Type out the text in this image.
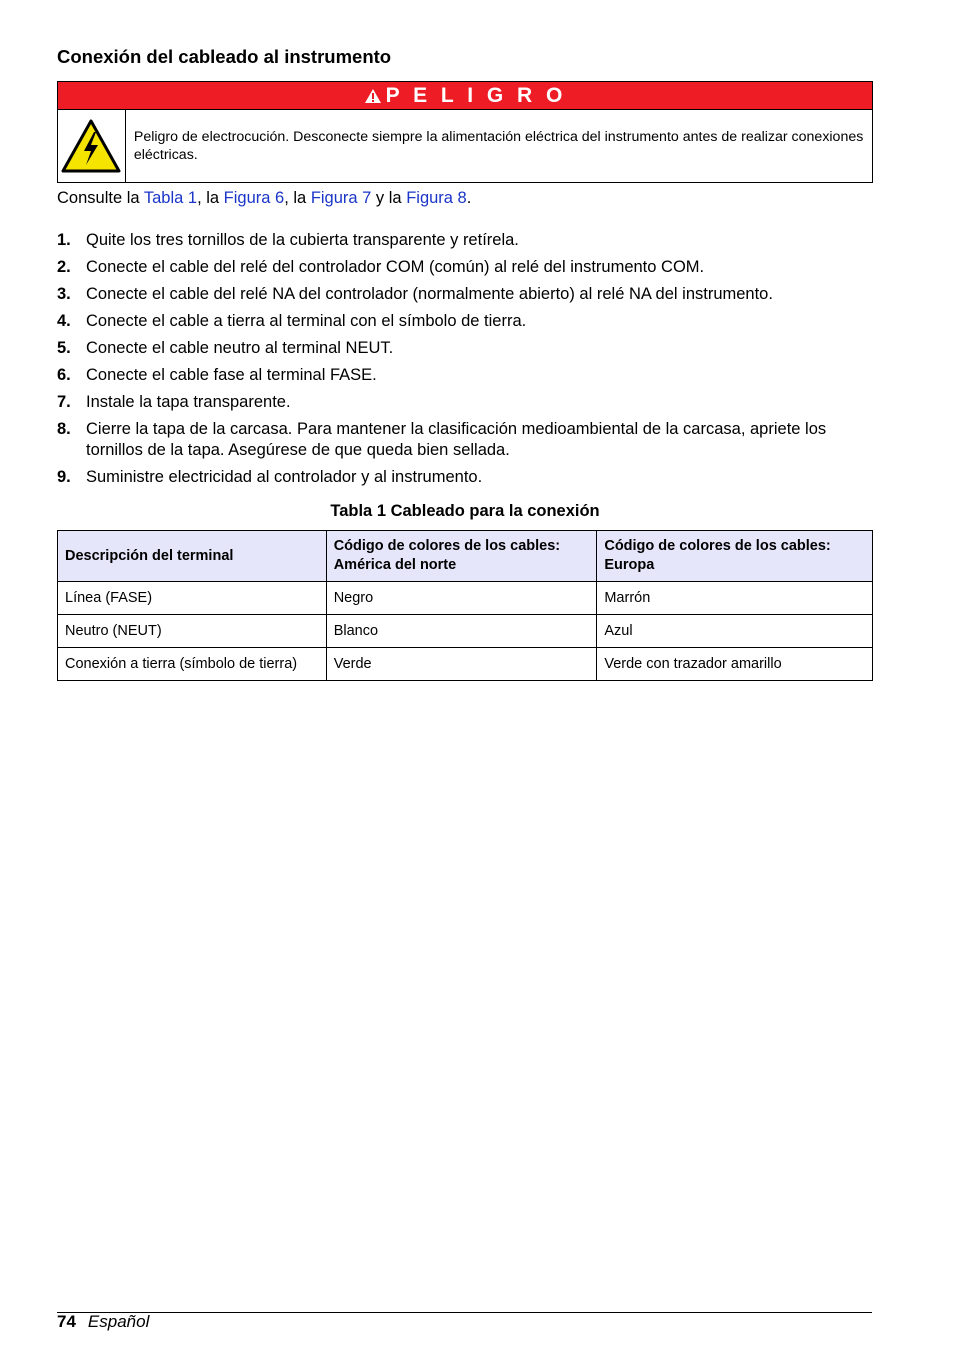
Conexión del cableado al instrumento
P E L I G R O
Peligro de electrocución. Desconecte siempre la alimentación eléctrica del instrumento antes de realizar conexiones eléctricas.
Consulte la Tabla 1, la Figura 6, la Figura 7 y la Figura 8.
1. Quite los tres tornillos de la cubierta transparente y retírela.
2. Conecte el cable del relé del controlador COM (común) al relé del instrumento COM.
3. Conecte el cable del relé NA del controlador (normalmente abierto) al relé NA del instrumento.
4. Conecte el cable a tierra al terminal con el símbolo de tierra.
5. Conecte el cable neutro al terminal NEUT.
6. Conecte el cable fase al terminal FASE.
7. Instale la tapa transparente.
8. Cierre la tapa de la carcasa. Para mantener la clasificación medioambiental de la carcasa, apriete los tornillos de la tapa. Asegúrese de que queda bien sellada.
9. Suministre electricidad al controlador y al instrumento.
Tabla 1 Cableado para la conexión
Descripción del terminal	Código de colores de los cables: América del norte	Código de colores de los cables: Europa
Línea (FASE)	Negro	Marrón
Neutro (NEUT)	Blanco	Azul
Conexión a tierra (símbolo de tierra)	Verde	Verde con trazador amarillo
74 Español
